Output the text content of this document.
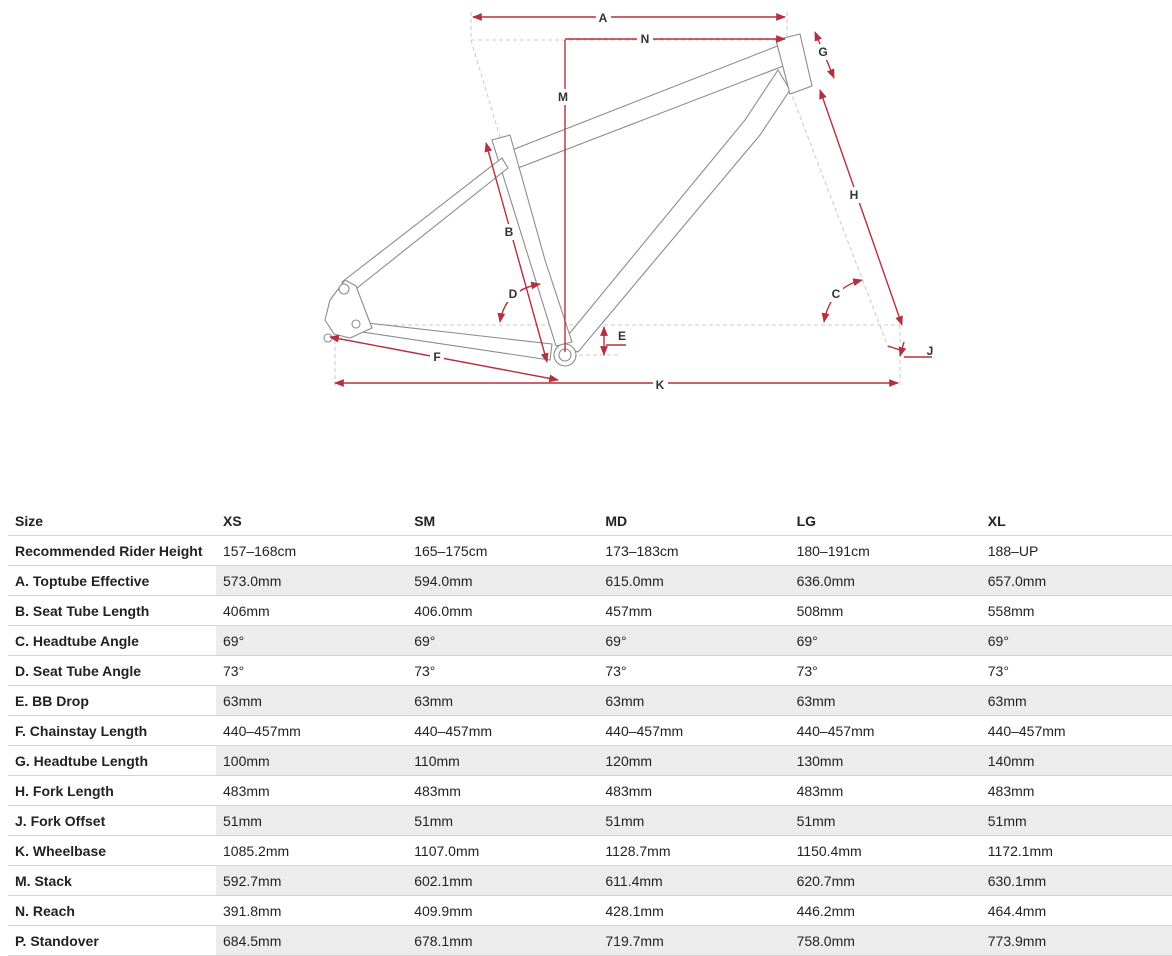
A
N
M
G
H
B
D	C
E
F
K
J
Size	XS	SM	MD	LG	XL
Recommended Rider Height	157–168cm	165–175cm	173–183cm	180–191cm	188–UP
A. Toptube Effective	573.0mm	594.0mm	615.0mm	636.0mm	657.0mm
B. Seat Tube Length	406mm	406.0mm	457mm	508mm	558mm
C. Headtube Angle	69°	69°	69°	69°	69°
D. Seat Tube Angle	73°	73°	73°	73°	73°
E. BB Drop	63mm	63mm	63mm	63mm	63mm
F. Chainstay Length	440–457mm	440–457mm	440–457mm	440–457mm	440–457mm
G. Headtube Length	100mm	110mm	120mm	130mm	140mm
H. Fork Length	483mm	483mm	483mm	483mm	483mm
J. Fork Offset	51mm	51mm	51mm	51mm	51mm
K. Wheelbase	1085.2mm	1107.0mm	1128.7mm	1150.4mm	1172.1mm
M. Stack	592.7mm	602.1mm	611.4mm	620.7mm	630.1mm
N. Reach	391.8mm	409.9mm	428.1mm	446.2mm	464.4mm
P. Standover	684.5mm	678.1mm	719.7mm	758.0mm	773.9mm
